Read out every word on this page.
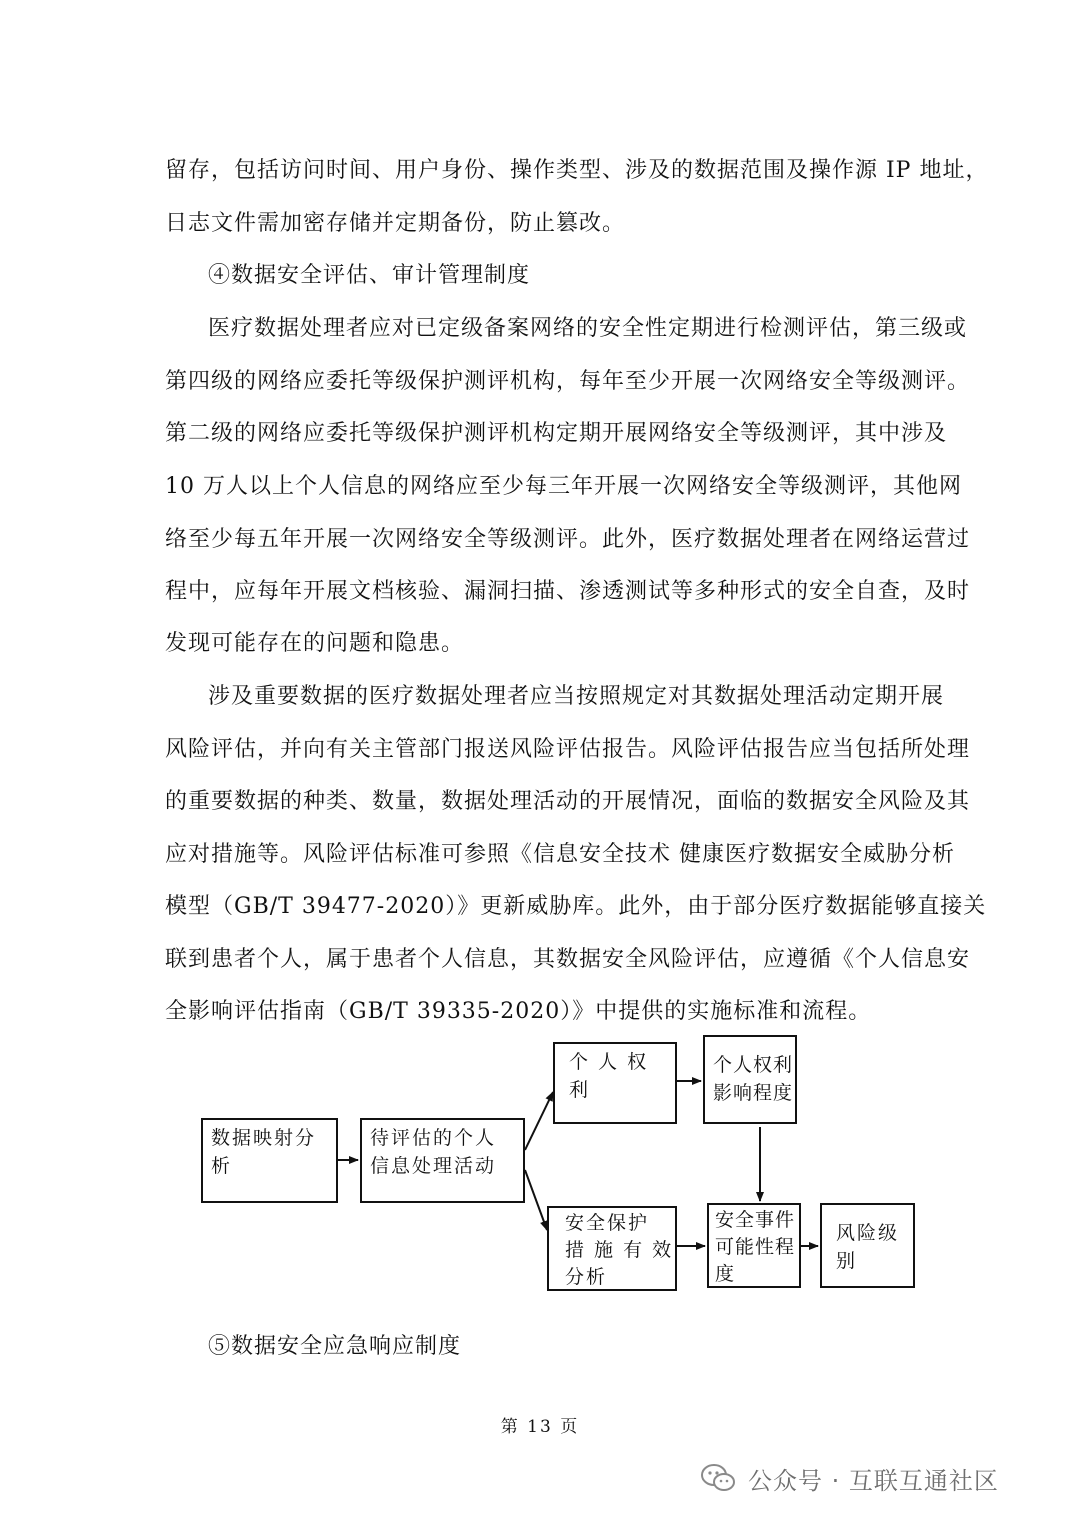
留存，包括访问时间、用户身份、操作类型、涉及的数据范围及操作源 IP 地址，
日志文件需加密存储并定期备份，防止篡改。
④数据安全评估、审计管理制度
医疗数据处理者应对已定级备案网络的安全性定期进行检测评估，第三级或
第四级的网络应委托等级保护测评机构，每年至少开展一次网络安全等级测评。
第二级的网络应委托等级保护测评机构定期开展网络安全等级测评，其中涉及
10 万人以上个人信息的网络应至少每三年开展一次网络安全等级测评，其他网
络至少每五年开展一次网络安全等级测评。此外，医疗数据处理者在网络运营过
程中，应每年开展文档核验、漏洞扫描、渗透测试等多种形式的安全自查，及时
发现可能存在的问题和隐患。
涉及重要数据的医疗数据处理者应当按照规定对其数据处理活动定期开展
风险评估，并向有关主管部门报送风险评估报告。风险评估报告应当包括所处理
的重要数据的种类、数量，数据处理活动的开展情况，面临的数据安全风险及其
应对措施等。风险评估标准可参照《信息安全技术 健康医疗数据安全威胁分析
模型（GB/T 39477-2020）》更新威胁库。此外，由于部分医疗数据能够直接关
联到患者个人，属于患者个人信息，其数据安全风险评估，应遵循《个人信息安
全影响评估指南（GB/T 39335-2020）》中提供的实施标准和流程。
数据映射分
析
待评估的个人
信息处理活动
个 人 权
利
个人权利
影响程度
安全保护
措 施 有 效
分析
安全事件
可能性程
度
风险级
别
⑤数据安全应急响应制度
第 13 页
公众号 · 互联互通社区
